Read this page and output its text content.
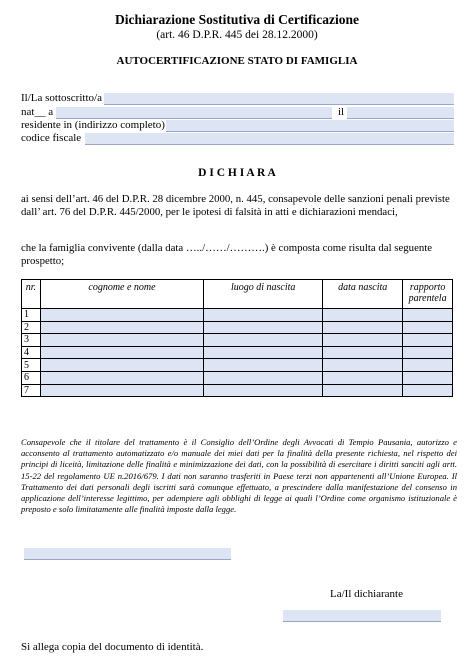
Dichiarazione Sostitutiva di Certificazione
(art. 46 D.P.R. 445 dei 28.12.2000)
AUTOCERTIFICAZIONE STATO DI FAMIGLIA
Il/La sottoscritto/a
nat__ a	il
residente in (indirizzo completo)
codice fiscale
D I C H I A R A
ai sensi dell’art. 46 del D.P.R. 28 dicembre 2000, n. 445, consapevole delle sanzioni penali previste
dall’ art. 76 del D.P.R. 445/2000, per le ipotesi di falsità in atti e dichiarazioni mendaci,
che la famiglia convivente (dalla data …../……/……….) è composta come risulta dal seguente
prospetto;
nr.	cognome e nome	luogo di nascita	data nascita	rapporto parentela
1				
2				
3				
4				
5				
6				
7				
Consapevole che il titolare del trattamento è il Consiglio dell’Ordine degli Avvocati di Tempio Pausania, autorizzo e acconsento al trattamento automatizzato e/o manuale dei miei dati per la finalità della presente richiesta, nel rispetto dei principi di liceità, limitazione delle finalità e minimizzazione dei dati, con la possibilità di esercitare i diritti sanciti agli artt. 15-22 del regolamento UE n.2016/679. I dati non saranno trasferiti in Paese terzi non appartenenti all’Unione Europea. Il Trattamento dei dati personali degli iscritti sarà comunque effettuato, a prescindere dalla manifestazione del consenso in applicazione dell’interesse legittimo, per adempiere agli obblighi di legge ai quali l’Ordine come organismo istituzionale è preposto e solo limitatamente alle finalità imposte dalla legge.
La/Il dichiarante
Si allega copia del documento di identità.
